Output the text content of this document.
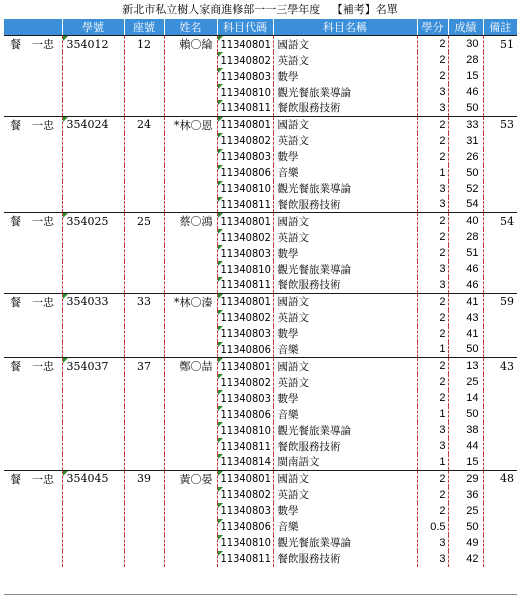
新北市私立樹人家商進修部一一三學年度 【補考】名單
	學號	座號	姓名	科目代碼	科目名稱	學分	成績	備註
餐　一忠	354012	12	賴〇綸	11340801	國語文	2	30	51
				11340802	英語文	2	28	
				11340803	數學	2	15	
				11340810	觀光餐旅業導論	3	46	
				11340811	餐飲服務技術	3	50	
餐　一忠	354024	24	*林〇恩	11340801	國語文	2	33	53
				11340802	英語文	2	31	
				11340803	數學	2	26	
				11340806	音樂	1	50	
				11340810	觀光餐旅業導論	3	52	
				11340811	餐飲服務技術	3	54	
餐　一忠	354025	25	蔡〇鴻	11340801	國語文	2	40	54
				11340802	英語文	2	28	
				11340803	數學	2	51	
				11340810	觀光餐旅業導論	3	46	
				11340811	餐飲服務技術	3	46	
餐　一忠	354033	33	*林〇溱	11340801	國語文	2	41	59
				11340802	英語文	2	43	
				11340803	數學	2	41	
				11340806	音樂	1	50	
餐　一忠	354037	37	鄭〇喆	11340801	國語文	2	13	43
				11340802	英語文	2	25	
				11340803	數學	2	14	
				11340806	音樂	1	50	
				11340810	觀光餐旅業導論	3	38	
				11340811	餐飲服務技術	3	44	
				11340814	閩南語文	1	15	
餐　一忠	354045	39	黃〇晏	11340801	國語文	2	29	48
				11340802	英語文	2	36	
				11340803	數學	2	25	
				11340806	音樂	0.5	50	
				11340810	觀光餐旅業導論	3	49	
				11340811	餐飲服務技術	3	42	
